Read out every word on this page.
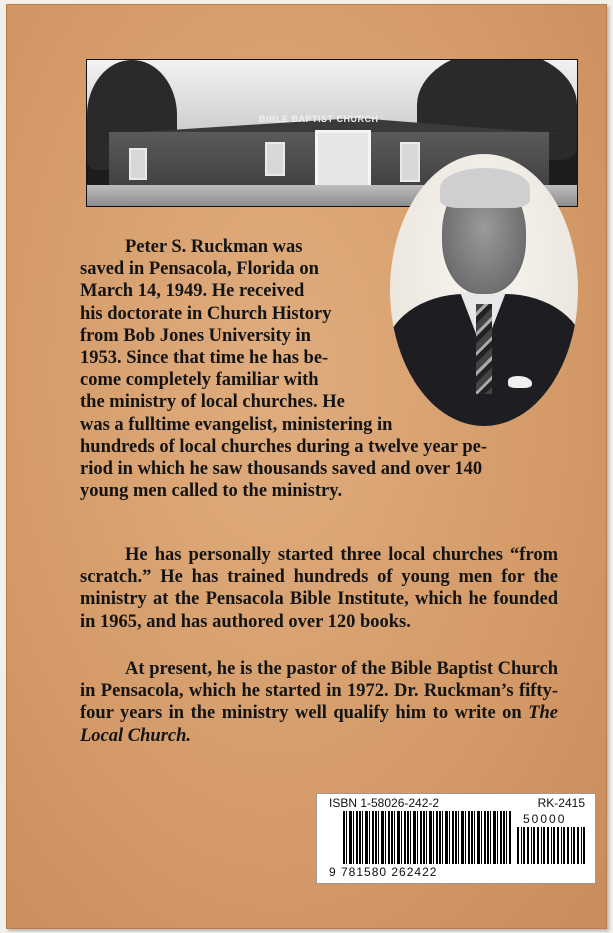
BIBLE BAPTIST CHURCH
Peter S. Ruckman was
saved in Pensacola, Florida on
March 14, 1949. He received
his doctorate in Church History
from Bob Jones University in
1953. Since that time he has be-
come completely familiar with
the ministry of local churches. He
was a fulltime evangelist, ministering in
hundreds of local churches during a twelve year pe-
riod in which he saw thousands saved and over 140
young men called to the ministry.

He has personally started three local churches “from scratch.” He has trained hundreds of young men for the ministry at the Pensacola Bible Institute, which he founded in 1965, and has authored over 120 books.

At present, he is the pastor of the Bible Baptist Church in Pensacola, which he started in 1972. Dr. Ruckman’s fifty-four years in the ministry well qualify him to write on The Local Church.

ISBN 1-58026-242-2	RK-2415
50000
9 781580 262422
